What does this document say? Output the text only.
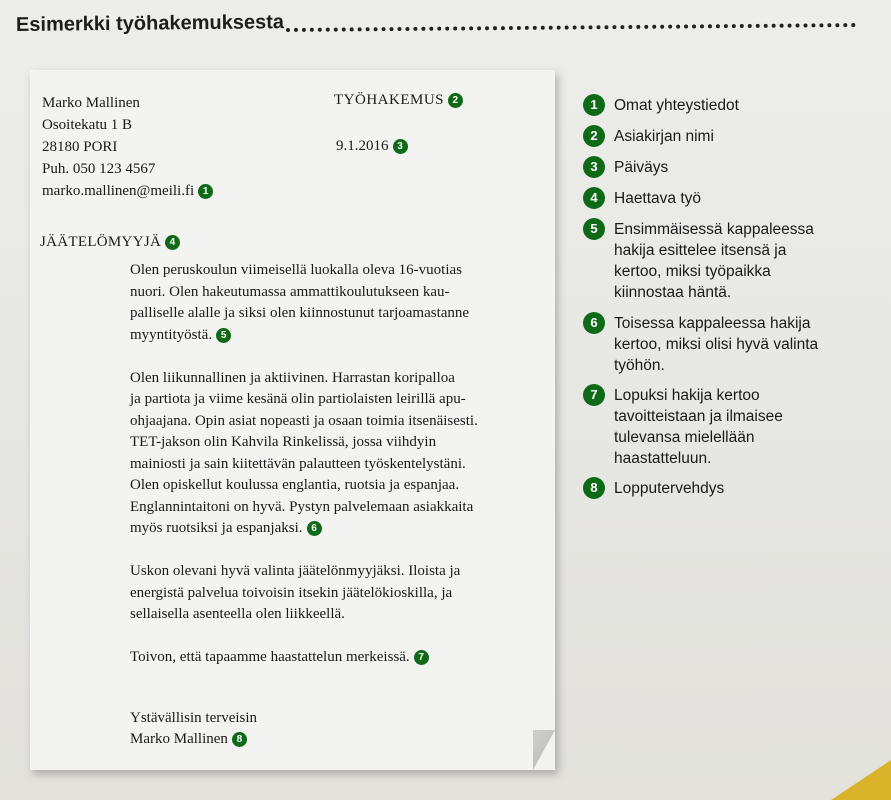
Esimerkki työhakemuksesta
Marko Mallinen
Osoitekatu 1 B
28180 PORI
Puh. 050 123 4567
marko.mallinen@meili.fi 1
TYÖHAKEMUS 2
9.1.2016 3
JÄÄTELÖMYYJÄ 4

Olen peruskoulun viimeisellä luokalla oleva 16-vuotias
nuori. Olen hakeutumassa ammattikoulutukseen kau-
palliselle alalle ja siksi olen kiinnostunut tarjoamastanne
myyntityöstä. 5

Olen liikunnallinen ja aktiivinen. Harrastan koripalloa
ja partiota ja viime kesänä olin partiolaisten leirillä apu-
ohjaajana. Opin asiat nopeasti ja osaan toimia itsenäisesti.
TET-jakson olin Kahvila Rinkelissä, jossa viihdyin
mainiosti ja sain kiitettävän palautteen työskentelystäni.
Olen opiskellut koulussa englantia, ruotsia ja espanjaa.
Englannintaitoni on hyvä. Pystyn palvelemaan asiakkaita
myös ruotsiksi ja espanjaksi. 6

Uskon olevani hyvä valinta jäätelönmyyjäksi. Iloista ja
energistä palvelua toivoisin itsekin jäätelökioskilla, ja
sellaisella asenteella olen liikkeellä.

Toivon, että tapaamme haastattelun merkeissä. 7

Ystävällisin terveisin
Marko Mallinen 8
1	Omat yhteystiedot
2	Asiakirjan nimi
3	Päiväys
4	Haettava työ
5	Ensimmäisessä kappaleessa hakija esittelee itsensä ja kertoo, miksi työpaikka kiinnostaa häntä.
6	Toisessa kappaleessa hakija kertoo, miksi olisi hyvä valinta työhön.
7	Lopuksi hakija kertoo tavoitteistaan ja ilmaisee tulevansa mielellään haastatteluun.
8	Lopputervehdys
